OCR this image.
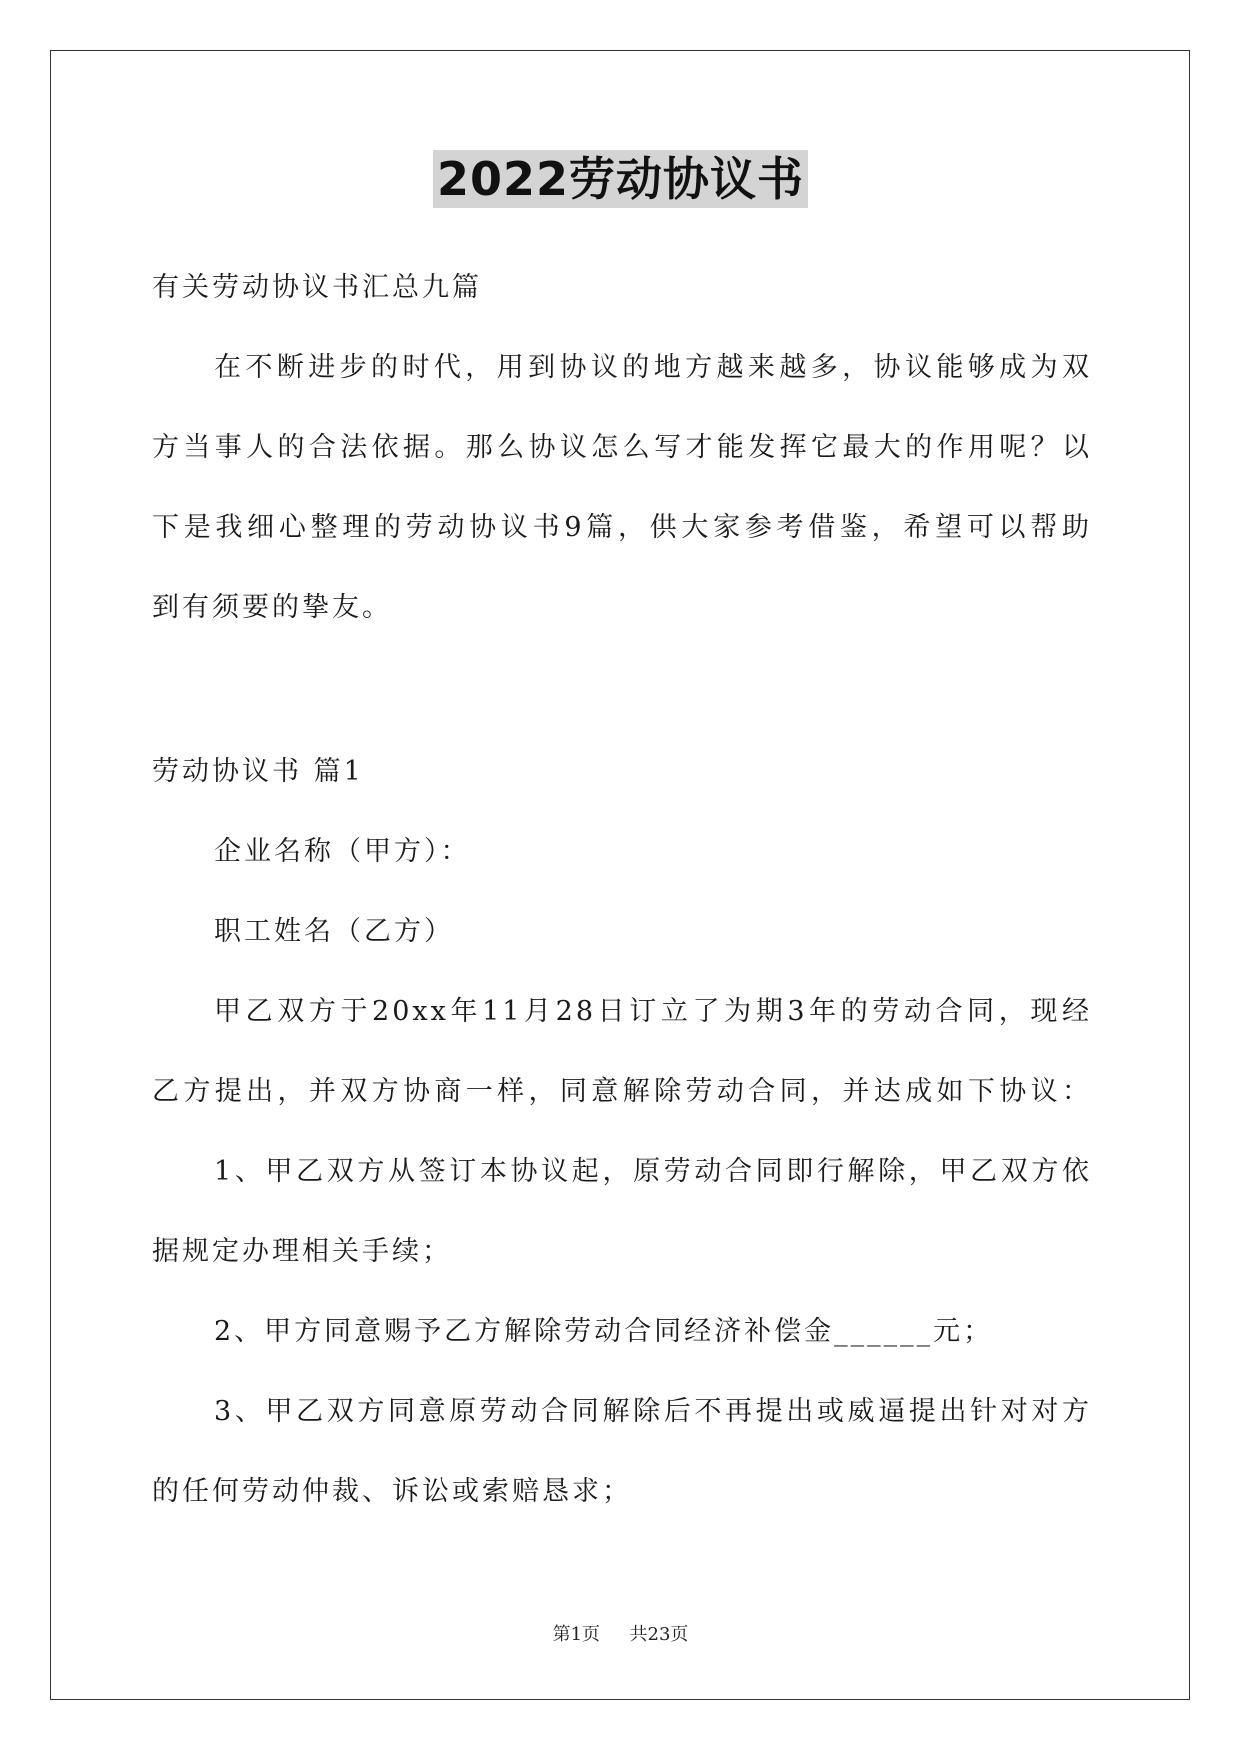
2022劳动协议书
有关劳动协议书汇总九篇
在不断进步的时代，用到协议的地方越来越多，协议能够成为双
方当事人的合法依据。那么协议怎么写才能发挥它最大的作用呢？以
下是我细心整理的劳动协议书9篇，供大家参考借鉴，希望可以帮助
到有须要的挚友。
劳动协议书 篇1
企业名称（甲方）：
职工姓名（乙方）
甲乙双方于20xx年11月28日订立了为期3年的劳动合同，现经
乙方提出，并双方协商一样，同意解除劳动合同，并达成如下协议：
1、甲乙双方从签订本协议起，原劳动合同即行解除，甲乙双方依
据规定办理相关手续；
2、甲方同意赐予乙方解除劳动合同经济补偿金______元；
3、甲乙双方同意原劳动合同解除后不再提出或威逼提出针对对方
的任何劳动仲裁、诉讼或索赔恳求；
第1页 共23页
